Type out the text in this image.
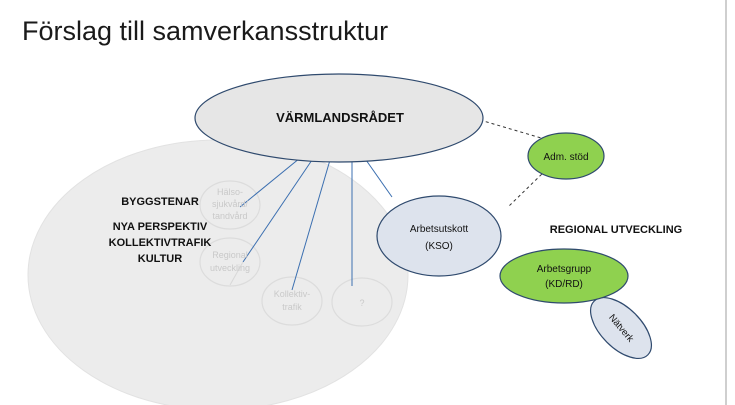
Förslag till samverkansstruktur
VÄRMLANDSRÅDET
Adm. stöd
Arbetsutskott
(KSO)
Nätverk
Arbetsgrupp
(KD/RD)
Hälso-
sjukvård/
tandvård
Regional
utveckling
Kollektiv-
trafik	?
BYGGSTENAR
NYA PERSPEKTIV
KOLLEKTIVTRAFIK
KULTUR
REGIONAL UTVECKLING
